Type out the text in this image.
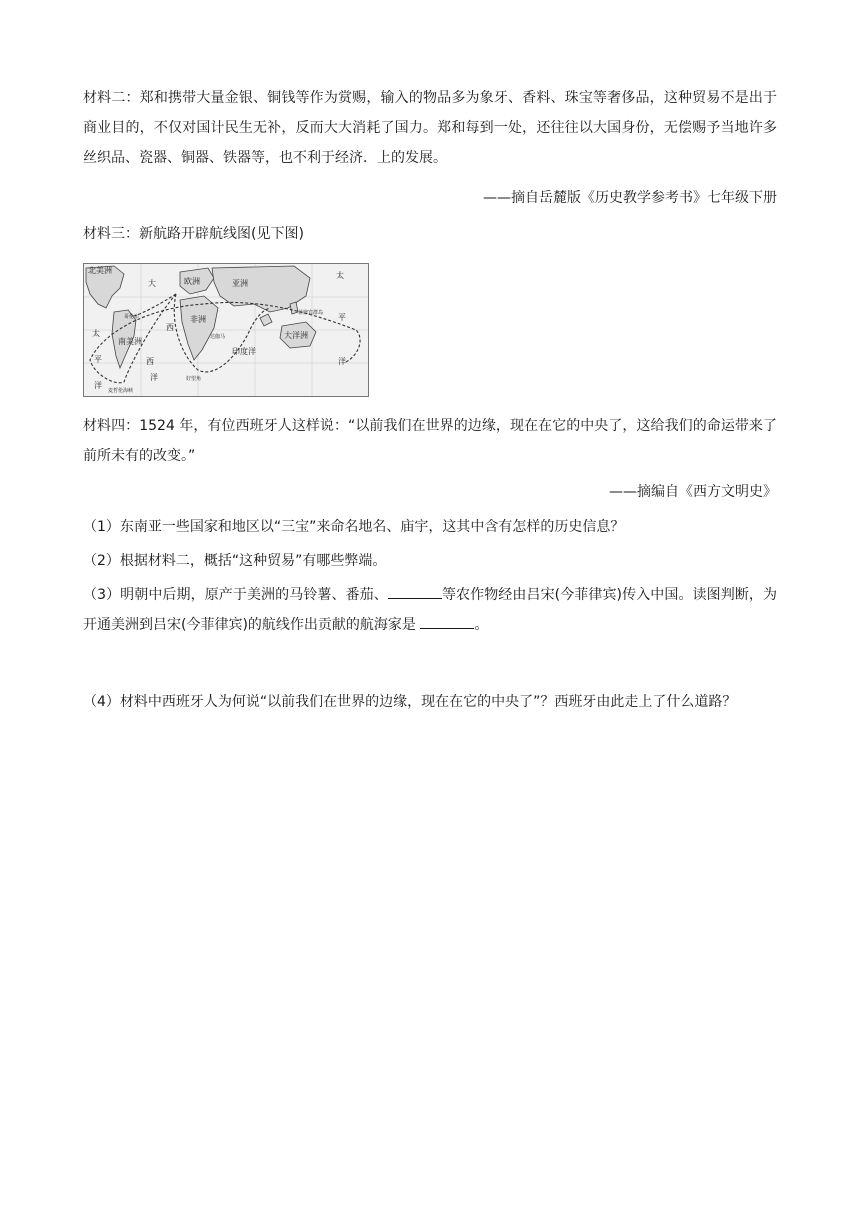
材料二：郑和携带大量金银、铜钱等作为赏赐，输入的物品多为象牙、香料、珠宝等奢侈品，这种贸易不是出于商业目的，不仅对国计民生无补，反而大大消耗了国力。郑和每到一处，还往往以大国身份，无偿赐予当地许多丝织品、瓷器、铜器、铁器等，也不利于经济．上的发展。

——摘自岳麓版《历史教学参考书》七年级下册

材料三：新航路开辟航线图(见下图)

北美洲
大	欧洲	亚洲
非洲
太
平
洋
太
平
洋
南美洲
印度洋
大洋洲
西
洋
西
哥伦布
达伽马
菲律宾群岛
麦哲伦海峡
好望角

材料四：1524 年，有位西班牙人这样说：“以前我们在世界的边缘，现在在它的中央了，这给我们的命运带来了前所未有的改变。”

——摘编自《西方文明史》

（1）东南亚一些国家和地区以“三宝”来命名地名、庙宇，这其中含有怎样的历史信息？

（2）根据材料二，概括“这种贸易”有哪些弊端。

（3）明朝中后期，原产于美洲的马铃薯、番茄、	等农作物经由吕宋(今菲律宾)传入中国。读图判断，为开通美洲到吕宋(今菲律宾)的航线作出贡献的航海家是	。

（4）材料中西班牙人为何说“以前我们在世界的边缘，现在在它的中央了”？西班牙由此走上了什么道路？
